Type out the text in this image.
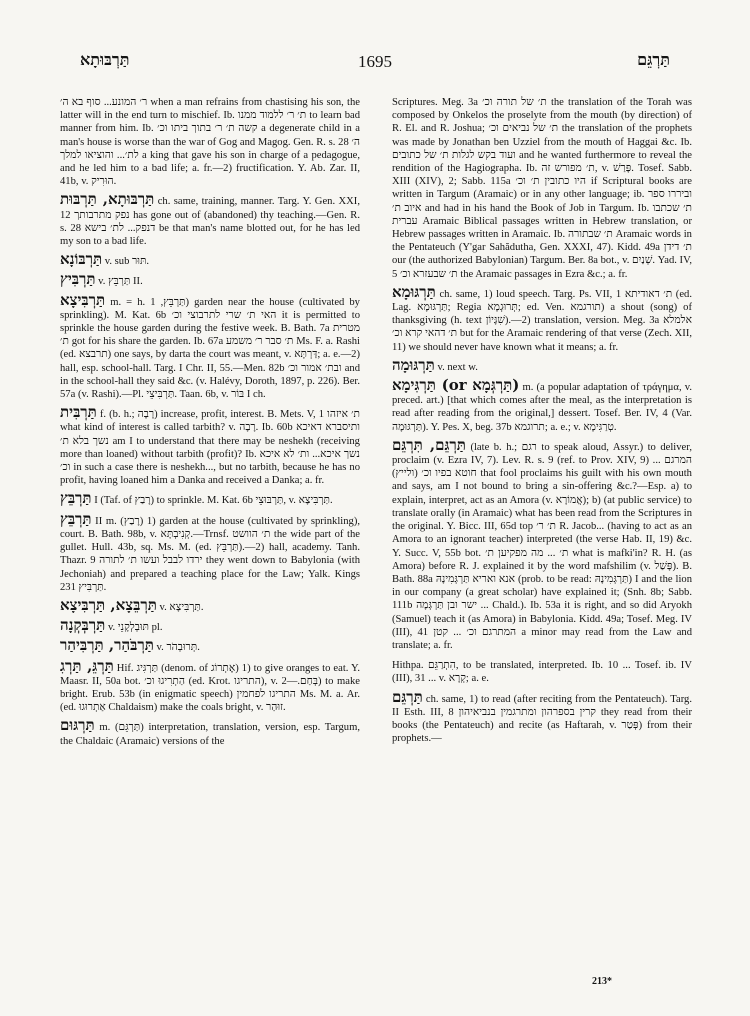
תַּרְבּוּתָא	1695	תַּרְגֵּם
ר׳ המונע... סוף בא ה׳ when a man refrains from chastising his son, the latter will in the end turn to mischief. Ib. ת׳ ר׳ ללמוד ממנו to learn bad manner from him. Ib. קשה ת׳ ר׳ בתוך ביתו וכ׳ a degenerate child in a man's house is worse than the war of Gog and Magog. Gen. R. s. 28 ה׳ לת׳... והוציאו למלך a king that gave his son in charge of a pedagogue, and he led him to a bad life; a. fr.—2) fructification. Y. Ab. Zar. II, 41b, v. הוּרִיק.
תַּרְבּוּתָא, תַּרְבּוּת ch. same, training, manner. Targ. Y. Gen. XXI, 12 נפק מתרבותך has gone out of (abandoned) thy teaching.—Gen. R. s. 28 דנפק... לת׳ בישא be that man's name blotted out, for he has led my son to a bad life.
תַּרְבּוֹנָא v. sub תּוּר.
תַּרְבִּיץ v. תַּרְבֵּץ II.
תַּרְבִּיצָא m. = h. תַּרְבֵּץ, 1) garden near the house (cultivated by sprinkling). M. Kat. 6b האי ת׳ שרי לתרבוצי וכ׳ it is permitted to sprinkle the house garden during the festive week. B. Bath. 7a מטרית ת׳ got for his share the garden. Ib. 67a ת׳ סבר ר׳ משמע Ms. F. a. Rashi (ed. תרבצא) one says, by darta the court was meant, v. דַּרְתָּא; a. e.—2) hall, esp. school-hall. Targ. I Chr. II, 55.—Men. 82b ובת׳ אמור וכ׳ and in the school-hall they said &c. (v. Halévy, Doroth, 1897, p. 226). Ber. 57a (v. Rashi).—Pl. תַּרְבִּיצֵי. Taan. 6b, v. בּוֹר I ch.
תַּרְבִּית f. (b. h.; רָבָה) increase, profit, interest. B. Mets. V, 1 ת׳ איזהו what kind of interest is called tarbith? v. רָבָה. Ib. 60b ותיסברא דאיכא נשך בלא ת׳ am I to understand that there may be neshekh (receiving more than loaned) without tarbith (profit)? Ib. נשך איכא... ות׳ לא איכא וכ׳ in such a case there is neshekh..., but no tarbith, because he has no profit, having loaned him a Danka and received a Danka; a. fr.
תַּרְבֵּץ I (Taf. of רָבַץ) to sprinkle. M. Kat. 6b תַּרְבּוּצֵי, v. תַּרְבִּיצָא.
תַּרְבֵּץ II m. (רָבַץ) 1) garden at the house (cultivated by sprinkling), court. B. Bath. 98b, v. קְנִיבְתָּא.—Trnsf. ת׳ הוושט the wide part of the gullet. Hull. 43b, sq. Ms. M. (ed. תַּרְבֵּץ).—2) hall, academy. Tanh. Thazr. 9 ירדו לבבל ועשו ת׳ לתורה they went down to Babylonia (with Jechoniah) and prepared a teaching place for the Law; Yalk. Kings 231 תַּרְבִּיץ.
תַּרְבֵּצָא, תַּרְבִּיצָא v. תַּרְבִּיצָא.
תַּרְבְּקְנָה v. תּוּבְלְקָנֵי pl.
תַּרְבֹּהַר, תַּרְבִּיהַר v. תְּרוּבְהֹר.
תַּרְגֵּ, תַּרְגִ Hif. תַּרְגִּיג (denom. of אֶתְרוֹג) 1) to give oranges to eat. Y. Maasr. II, 50a bot. הַתְרִיגוּ וכ׳ (ed. Krot. התריגו), v. בְּחַם.—2) to make bright. Erub. 53b (in enigmatic speech) התריגו לפחמין Ms. M. a. Ar. (ed. אַתְרוּגוּ Chaldaism) make the coals bright, v. זוּהַר.
תַּרְגּוּם m. (תַּרְגֵּם) interpretation, translation, version, esp. Targum, the Chaldaic (Aramaic) versions of the
Scriptures. Meg. 3a ת׳ של תורה וכ׳ the translation of the Torah was composed by Onkelos the proselyte from the mouth (by direction) of R. El. and R. Joshua; ת׳ של נביאים וכ׳ the translation of the prophets was made by Jonathan ben Uzziel from the mouth of Haggai &c. Ib. ועוד בקש לגלות ת׳ של כתובים and he wanted furthermore to reveal the rendition of the Hagiographa. Ib. ת׳ מפורש זה, v. פָּרַשׁ. Tosef. Sabb. XIII (XIV), 2; Sabb. 115a היו כתובין ת׳ וכ׳ if Scriptural books are written in Targum (Aramaic) or in any other language; ib. וביררו ספר איוב ת׳ and had in his hand the Book of Job in Targum. Ib. ת׳ שכתבו עברית Aramaic Biblical passages written in Hebrew translation, or Hebrew passages written in Aramaic. Ib. ת׳ שבתורה Aramaic words in the Pentateuch (Y'gar Sahădutha, Gen. XXXI, 47). Kidd. 49a ת׳ דידן our (the authorized Babylonian) Targum. Ber. 8a bot., v. שְׁנַיִם. Yad. IV, 5 ת׳ שבעזרא וכ׳ the Aramaic passages in Ezra &c.; a. fr.
תַּרְגּוּמָא ch. same, 1) loud speech. Targ. Ps. VII, 1 ת׳ דאודיתא (ed. Lag. תַּרְגּוּמָא; Regia תְּרוּגְמָא; ed. Ven. תורגמא) a shout (song) of thanksgiving (h. text שִׁגָּיוֹן).—2) translation, version. Meg. 3a אלמלא ת׳ דהאי קרא וכ׳ but for the Aramaic rendering of that verse (Zech. XII, 11) we should never have known what it means; a. fr.
תַּרְגּוּמָה v. next w.
תַּרְגִּימָא (or תַּרְגְּמָא) m. (a popular adaptation of τράγημα, v. preced. art.) [that which comes after the meal, as the interpretation is read after reading from the original,] dessert. Tosef. Ber. IV, 4 (Var. תַּרְגּוּמָה). Y. Pes. X, beg. 37b תרוגמא; a. e.; v. טְרַגִּימָא.
תַּרְגֵּם, תִּרְגֵּם (late b. h.; רגם to speak aloud, Assyr.) to deliver, proclaim (v. Ezra IV, 7). Lev. R. s. 9 (ref. to Prov. XIV, 9) המרגם ... חוטא בפיו וכ׳ (ולייץ) that fool proclaims his guilt with his own mouth and says, am I not bound to bring a sin-offering &c.?—Esp. a) to explain, interpret, act as an Amora (v. אֲמוֹרָא); b) (at public service) to translate orally (in Aramaic) what has been read from the Scriptures in the original. Y. Bicc. III, 65d top ת׳ ר׳ R. Jacob... (having to act as an Amora to an ignorant teacher) interpreted (the verse Hab. II, 19) &c. Y. Succ. V, 55b bot. ת׳ ... מה מפקיען ת׳ what is mafki'in? R. H. (as Amora) before R. J. explained it by the word mafshilim (v. פָּשַׁל). B. Bath. 88a אנא ואריא תַּרְגְּמִינָהּ (prob. to be read: תַּרְגְּמִינָהּ) I and the lion in our company (a great scholar) have explained it; (Snh. 8b; Sabb. 111b ישר ובן תַּרְגְּמָה ... Chald.). Ib. 53a it is right, and so did Aryokh (Samuel) teach it (as Amora) in Babylonia. Kidd. 49a; Tosef. Meg. IV (III), 41 המתרגם וכ׳ ... קטן a minor may read from the Law and translate; a. fr.
Hithpa. הִתְרַגֵּם, to be translated, interpreted. Ib. 10 ... Tosef. ib. IV (III), 31 ... v. קְרָא; a. e.
תַּרְגֵּם ch. same, 1) to read (after reciting from the Pentateuch). Targ. II Esth. III, 8 קרין בספרהון ומתרגמין בנביאיהון they read from their books (the Pentateuch) and recite (as Haftarah, v. פְּטַר) from their prophets.—
213*
